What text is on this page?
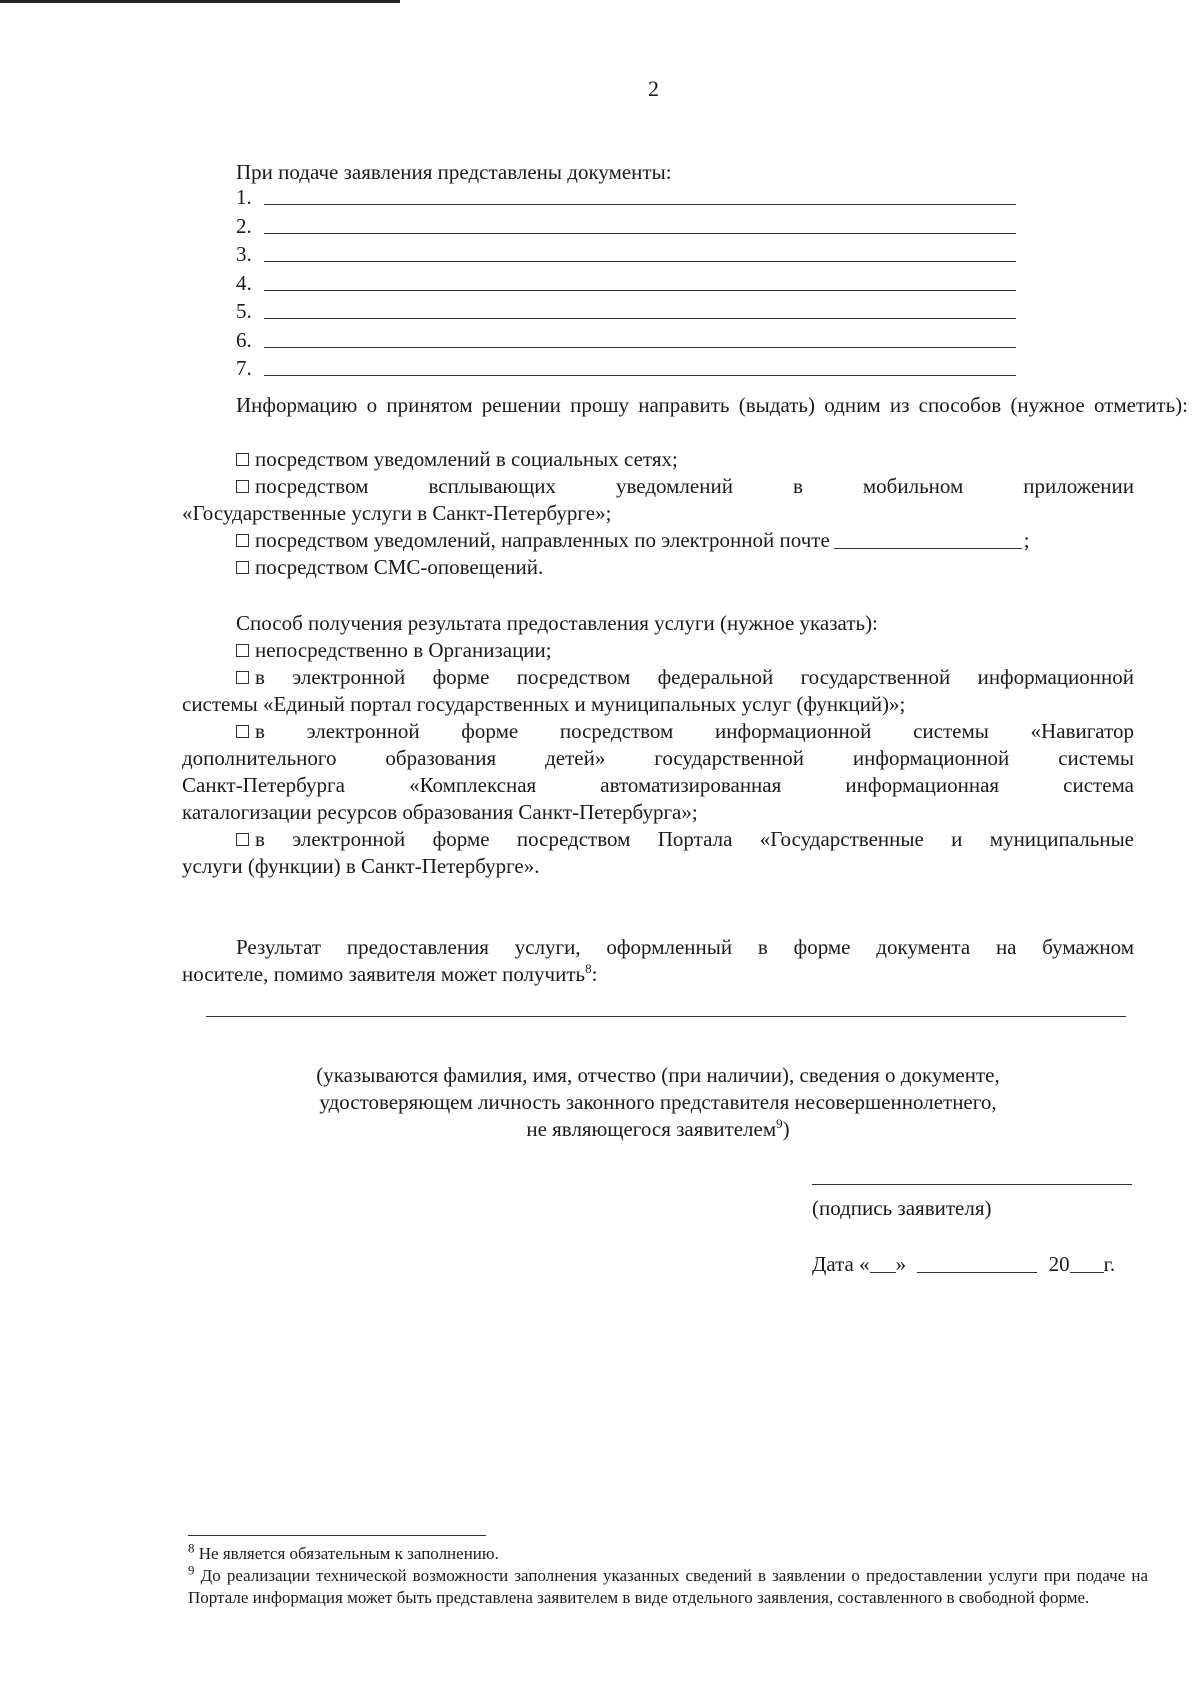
2
При подаче заявления представлены документы:
1.
2.
3.
4.
5.
6.
7.
Информацию о принятом решении прошу направить (выдать) одним из способов (нужное отметить):
посредством уведомлений в социальных сетях;
посредством     всплывающих     уведомлений     в     мобильном     приложении
«Государственные услуги в Санкт-Петербурге»;
посредством уведомлений, направленных по электронной почте	;
посредством СМС-оповещений.
Способ получения результата предоставления услуги (нужное указать):
непосредственно в Организации;
в электронной форме посредством федеральной государственной информационной
системы «Единый портал государственных и муниципальных услуг (функций)»;
в   электронной   форме   посредством   информационной   системы   «Навигатор
дополнительного   образования   детей»   государственной   информационной   системы
Санкт-Петербурга   «Комплексная   автоматизированная   информационная   система
каталогизации ресурсов образования Санкт-Петербурга»;
в электронной форме посредством Портала «Государственные и муниципальные
услуги (функции) в Санкт-Петербурге».
Результат  предоставления  услуги,  оформленный  в  форме  документа  на  бумажном
носителе, помимо заявителя может получить$^8$:
(указываются фамилия, имя, отчество (при наличии), сведения о документе,
удостоверяющем личность законного представителя несовершеннолетнего,
не являющегося заявителем$^9$)
(подпись заявителя)
Дата « »	20 г.
$^8$ Не является обязательным к заполнению.
$^9$ До реализации технической возможности заполнения указанных сведений в заявлении о предоставлении услуги при подаче на Портале информация может быть представлена заявителем в виде отдельного заявления, составленного в свободной форме.
